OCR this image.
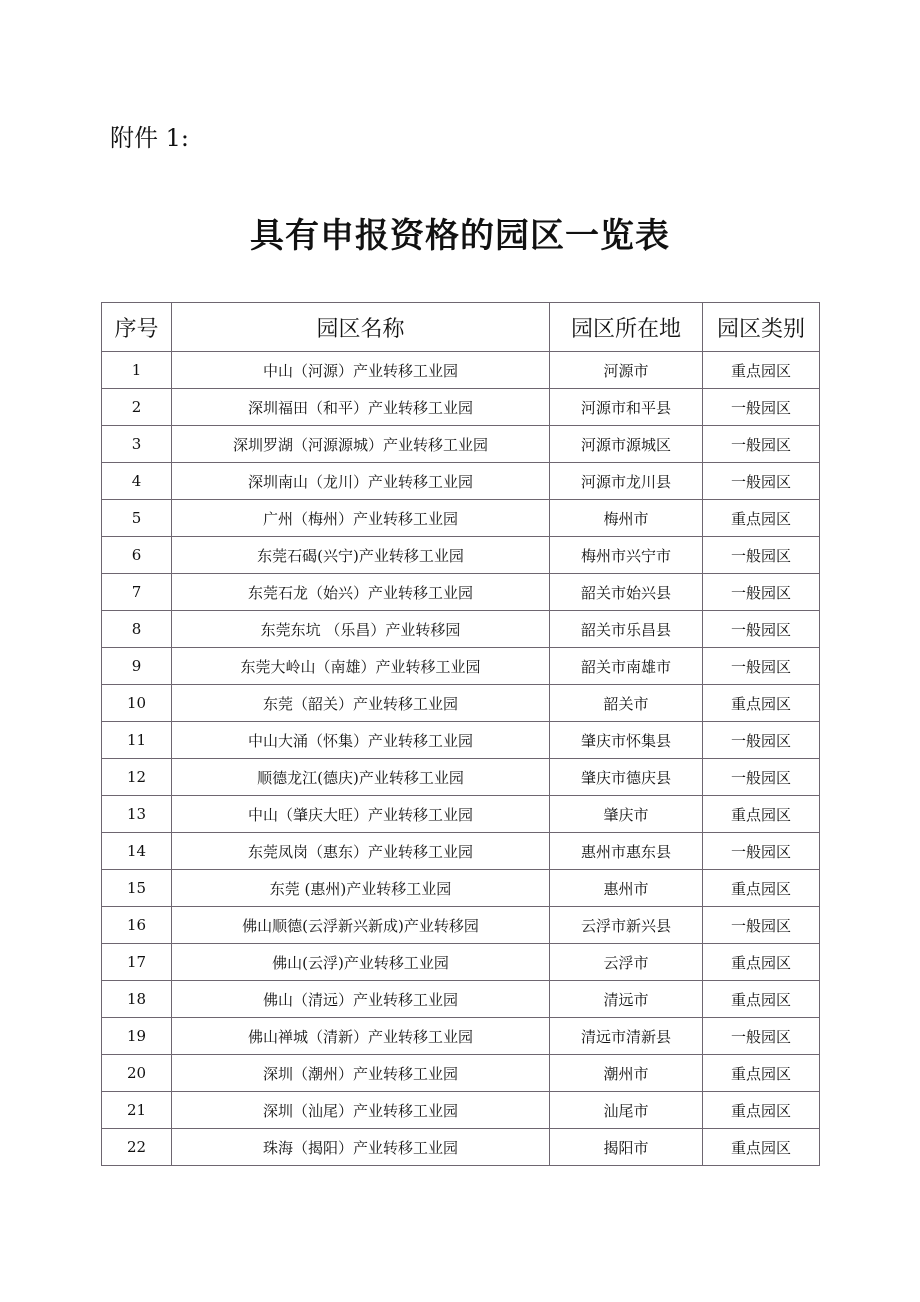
附件 1:
具有申报资格的园区一览表
序号	园区名称	园区所在地	园区类别
1	中山（河源）产业转移工业园	河源市	重点园区
2	深圳福田（和平）产业转移工业园	河源市和平县	一般园区
3	深圳罗湖（河源源城）产业转移工业园	河源市源城区	一般园区
4	深圳南山（龙川）产业转移工业园	河源市龙川县	一般园区
5	广州（梅州）产业转移工业园	梅州市	重点园区
6	东莞石碣(兴宁)产业转移工业园	梅州市兴宁市	一般园区
7	东莞石龙（始兴）产业转移工业园	韶关市始兴县	一般园区
8	东莞东坑 （乐昌）产业转移园	韶关市乐昌县	一般园区
9	东莞大岭山（南雄）产业转移工业园	韶关市南雄市	一般园区
10	东莞（韶关）产业转移工业园	韶关市	重点园区
11	中山大涌（怀集）产业转移工业园	肇庆市怀集县	一般园区
12	顺德龙江(德庆)产业转移工业园	肇庆市德庆县	一般园区
13	中山（肇庆大旺）产业转移工业园	肇庆市	重点园区
14	东莞凤岗（惠东）产业转移工业园	惠州市惠东县	一般园区
15	东莞 (惠州)产业转移工业园	惠州市	重点园区
16	佛山顺德(云浮新兴新成)产业转移园	云浮市新兴县	一般园区
17	佛山(云浮)产业转移工业园	云浮市	重点园区
18	佛山（清远）产业转移工业园	清远市	重点园区
19	佛山禅城（清新）产业转移工业园	清远市清新县	一般园区
20	深圳（潮州）产业转移工业园	潮州市	重点园区
21	深圳（汕尾）产业转移工业园	汕尾市	重点园区
22	珠海（揭阳）产业转移工业园	揭阳市	重点园区
